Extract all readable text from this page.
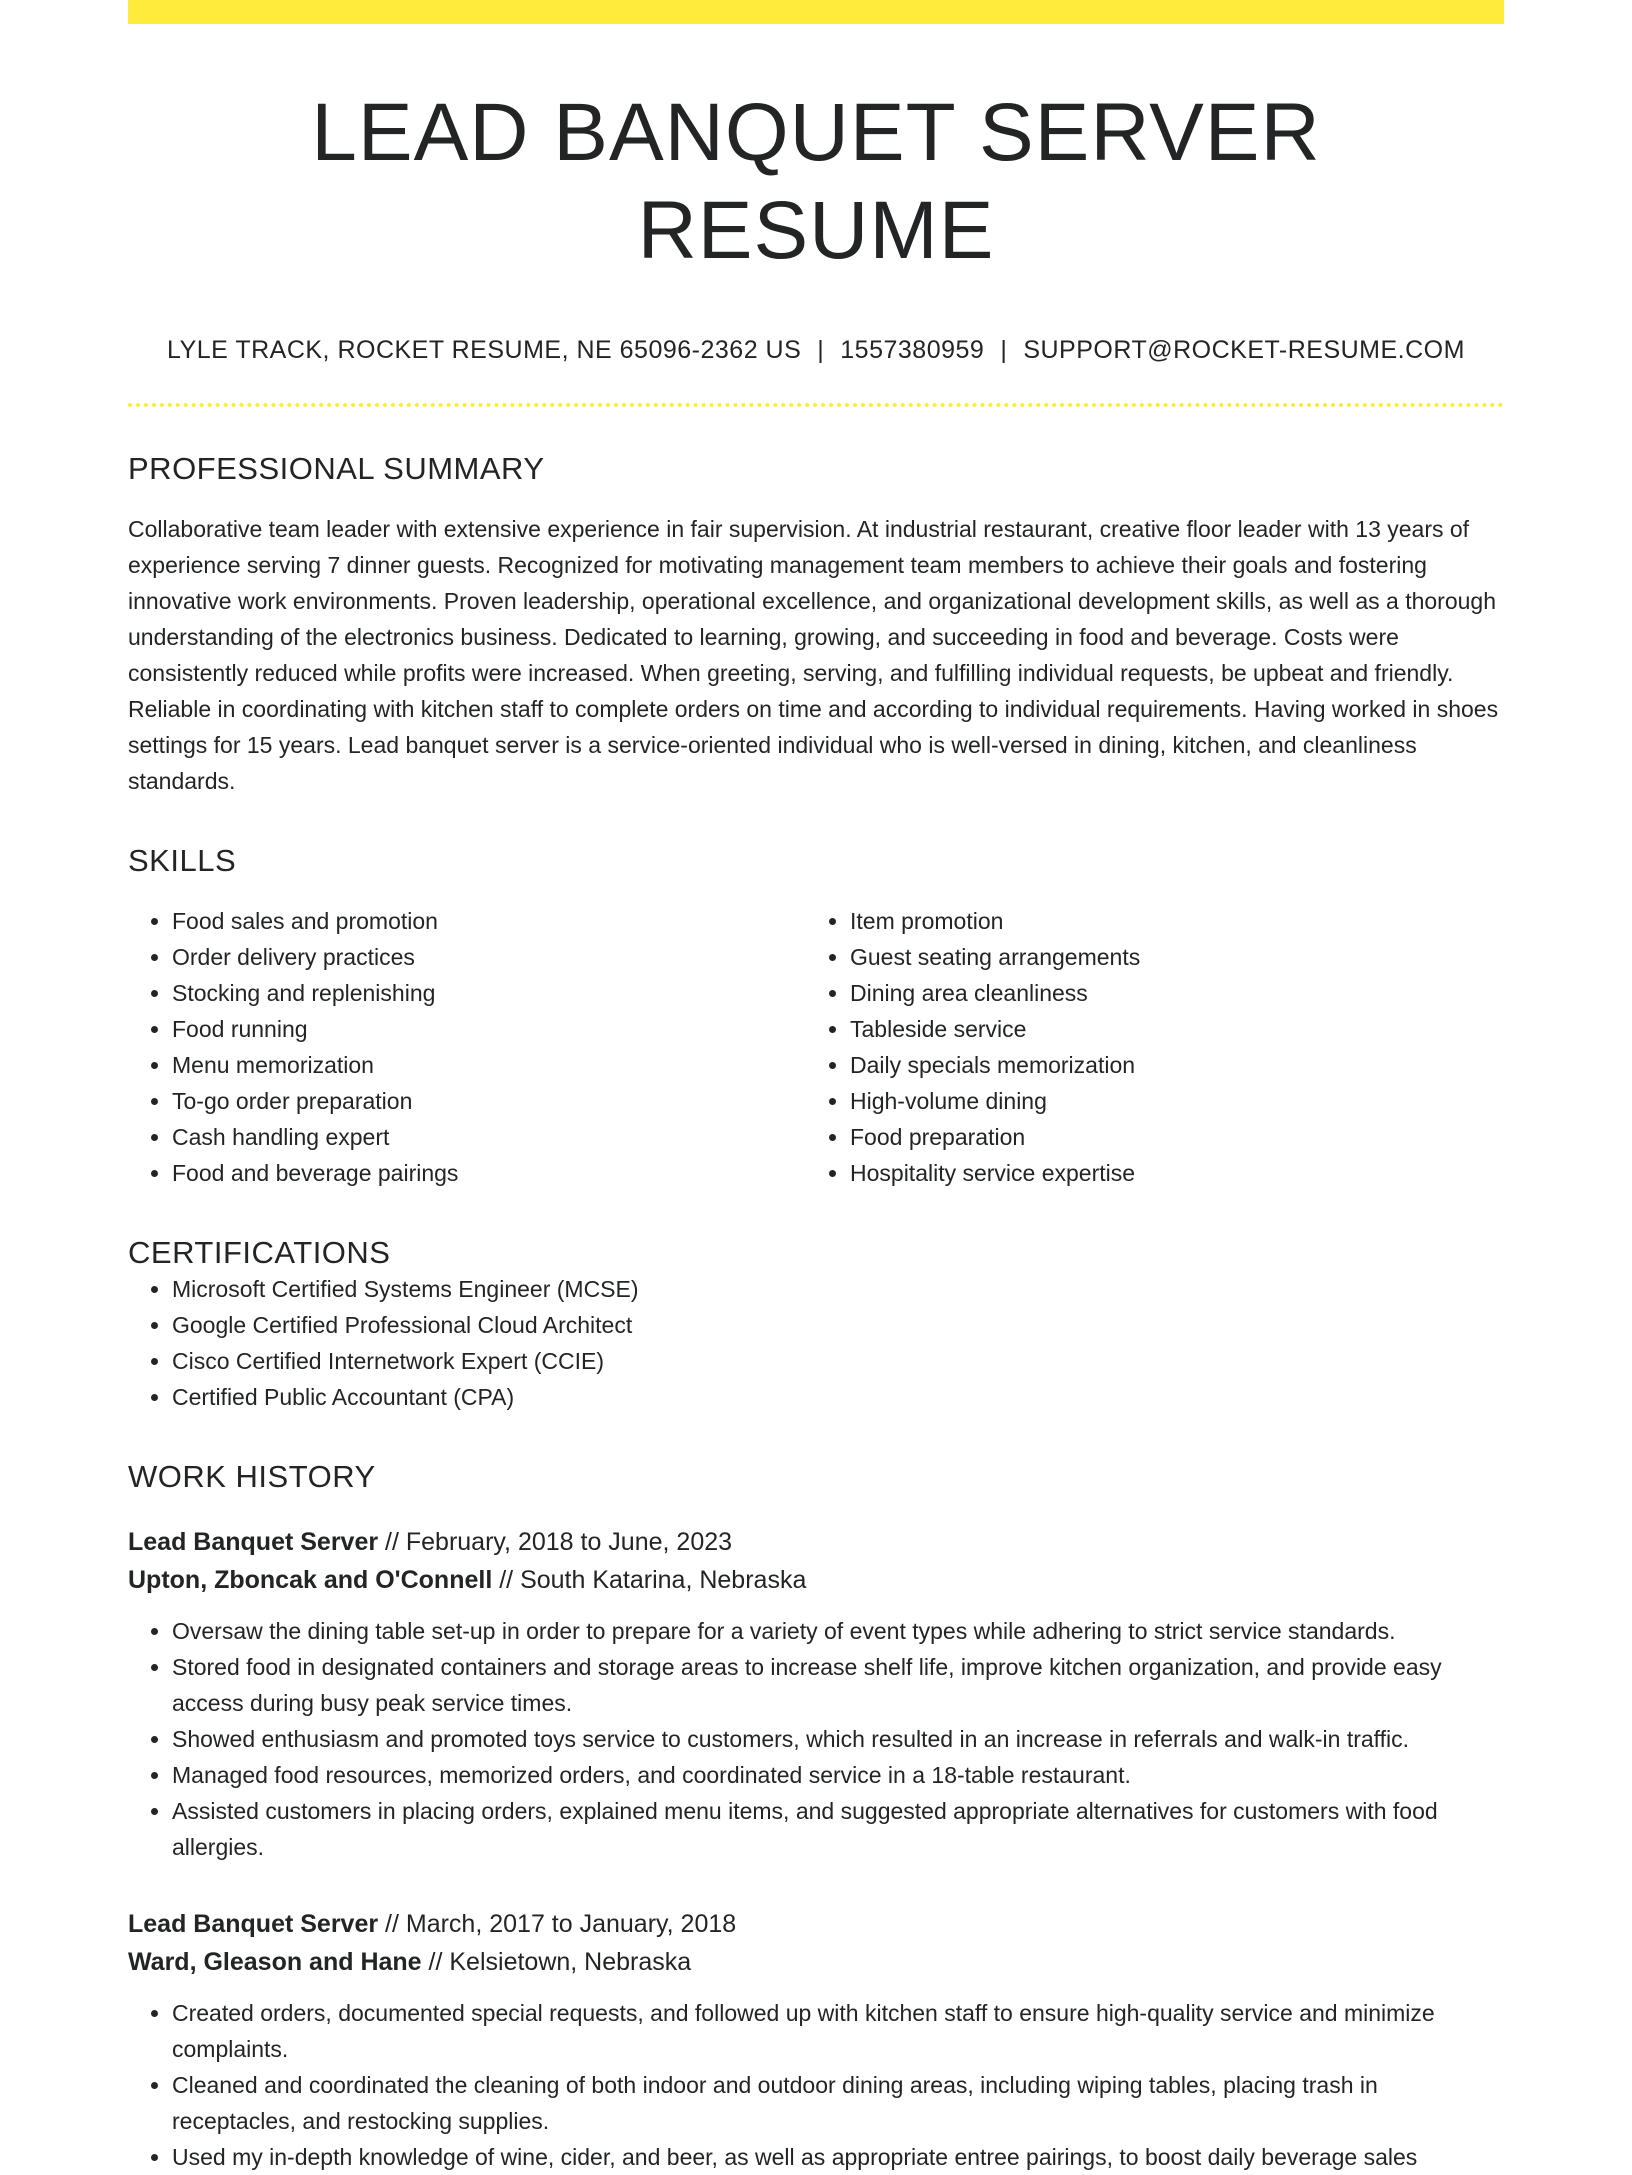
LEAD BANQUET SERVER RESUME
LYLE TRACK, ROCKET RESUME, NE 65096-2362 US | 1557380959 | SUPPORT@ROCKET-RESUME.COM
PROFESSIONAL SUMMARY

Collaborative team leader with extensive experience in fair supervision. At industrial restaurant, creative floor leader with 13 years of experience serving 7 dinner guests. Recognized for motivating management team members to achieve their goals and fostering innovative work environments. Proven leadership, operational excellence, and organizational development skills, as well as a thorough understanding of the electronics business. Dedicated to learning, growing, and succeeding in food and beverage. Costs were consistently reduced while profits were increased. When greeting, serving, and fulfilling individual requests, be upbeat and friendly. Reliable in coordinating with kitchen staff to complete orders on time and according to individual requirements. Having worked in shoes settings for 15 years. Lead banquet server is a service-oriented individual who is well-versed in dining, kitchen, and cleanliness standards.

SKILLS
• Food sales and promotion
• Order delivery practices
• Stocking and replenishing
• Food running
• Menu memorization
• To-go order preparation
• Cash handling expert
• Food and beverage pairings
• Item promotion
• Guest seating arrangements
• Dining area cleanliness
• Tableside service
• Daily specials memorization
• High-volume dining
• Food preparation
• Hospitality service expertise
CERTIFICATIONS
• Microsoft Certified Systems Engineer (MCSE)
• Google Certified Professional Cloud Architect
• Cisco Certified Internetwork Expert (CCIE)
• Certified Public Accountant (CPA)
WORK HISTORY
Lead Banquet Server // February, 2018 to June, 2023
Upton, Zboncak and O'Connell // South Katarina, Nebraska
• Oversaw the dining table set-up in order to prepare for a variety of event types while adhering to strict service standards.
• Stored food in designated containers and storage areas to increase shelf life, improve kitchen organization, and provide easy access during busy peak service times.
• Showed enthusiasm and promoted toys service to customers, which resulted in an increase in referrals and walk-in traffic.
• Managed food resources, memorized orders, and coordinated service in a 18-table restaurant.
• Assisted customers in placing orders, explained menu items, and suggested appropriate alternatives for customers with food allergies.
Lead Banquet Server // March, 2017 to January, 2018
Ward, Gleason and Hane // Kelsietown, Nebraska
• Created orders, documented special requests, and followed up with kitchen staff to ensure high-quality service and minimize complaints.
• Cleaned and coordinated the cleaning of both indoor and outdoor dining areas, including wiping tables, placing trash in receptacles, and restocking supplies.
• Used my in-depth knowledge of wine, cider, and beer, as well as appropriate entree pairings, to boost daily beverage sales
